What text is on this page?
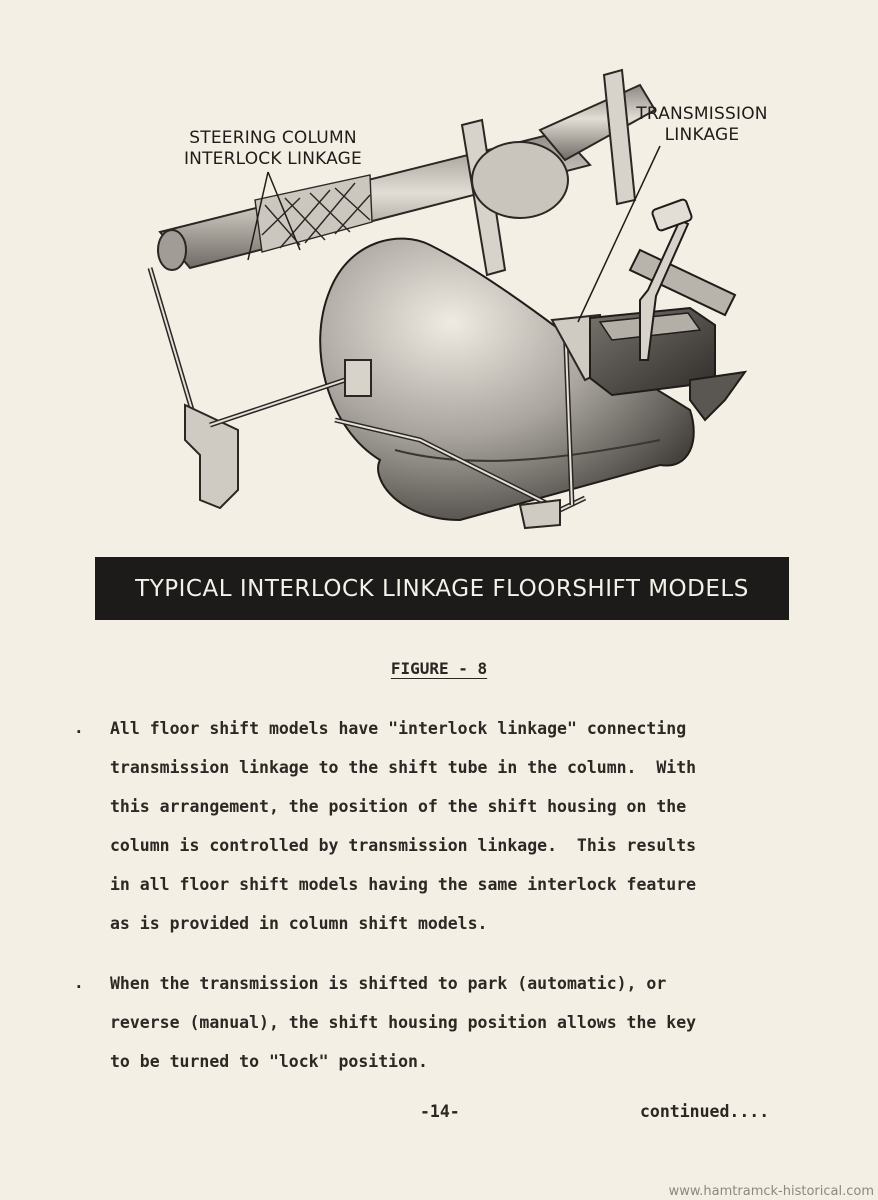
STEERING COLUMN
INTERLOCK LINKAGE
TRANSMISSION
LINKAGE
TYPICAL INTERLOCK LINKAGE FLOORSHIFT MODELS
FIGURE - 8
. All floor shift models have "interlock linkage" connecting
transmission linkage to the shift tube in the column.  With
this arrangement, the position of the shift housing on the
column is controlled by transmission linkage.  This results
in all floor shift models having the same interlock feature
as is provided in column shift models.
. When the transmission is shifted to park (automatic), or
reverse (manual), the shift housing position allows the key
to be turned to "lock" position.
-14-	continued....
www.hamtramck-historical.com
